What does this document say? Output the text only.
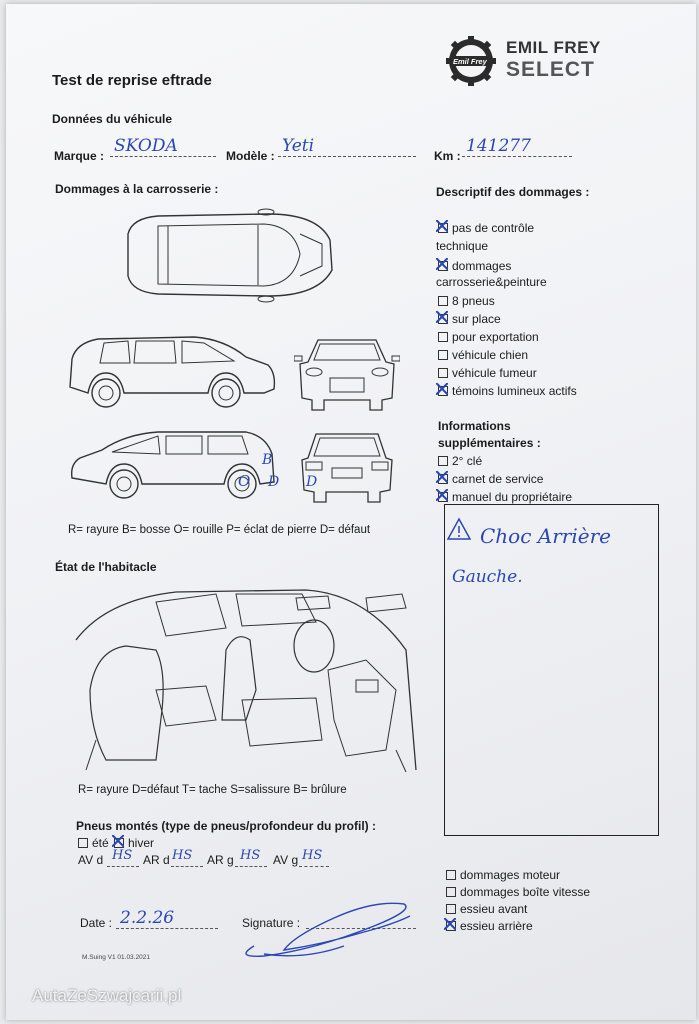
Test de reprise eftrade
Emil Frey
EMIL FREY
SELECT
Données du véhicule
Marque : SKODA	Modèle : Yeti	Km : 141277
Dommages à la carrosserie :
B
O D D
R= rayure B= bosse O= rouille P= éclat de pierre D= défaut
Descriptif des dommages :
pas de contrôle
technique
dommages
carrosserie&peinture
8 pneus
sur place
pour exportation
véhicule chien
véhicule fumeur
témoins lumineux actifs
Informations
supplémentaires :
2° clé
carnet de service
manuel du propriétaire
Choc Arrière
Gauche.
État de l'habitacle
R= rayure D=défaut T= tache S=salissure B= brûlure
Pneus montés (type de pneus/profondeur du profil) :
été	hiver
AV d HS AR d HS AR g HS AV g HS
dommages moteur
dommages boîte vitesse
essieu avant
essieu arrière
Date : 2.2.26	Signature :
M.Suing V1 01.03.2021
AutaZeSzwajcarii.pl
